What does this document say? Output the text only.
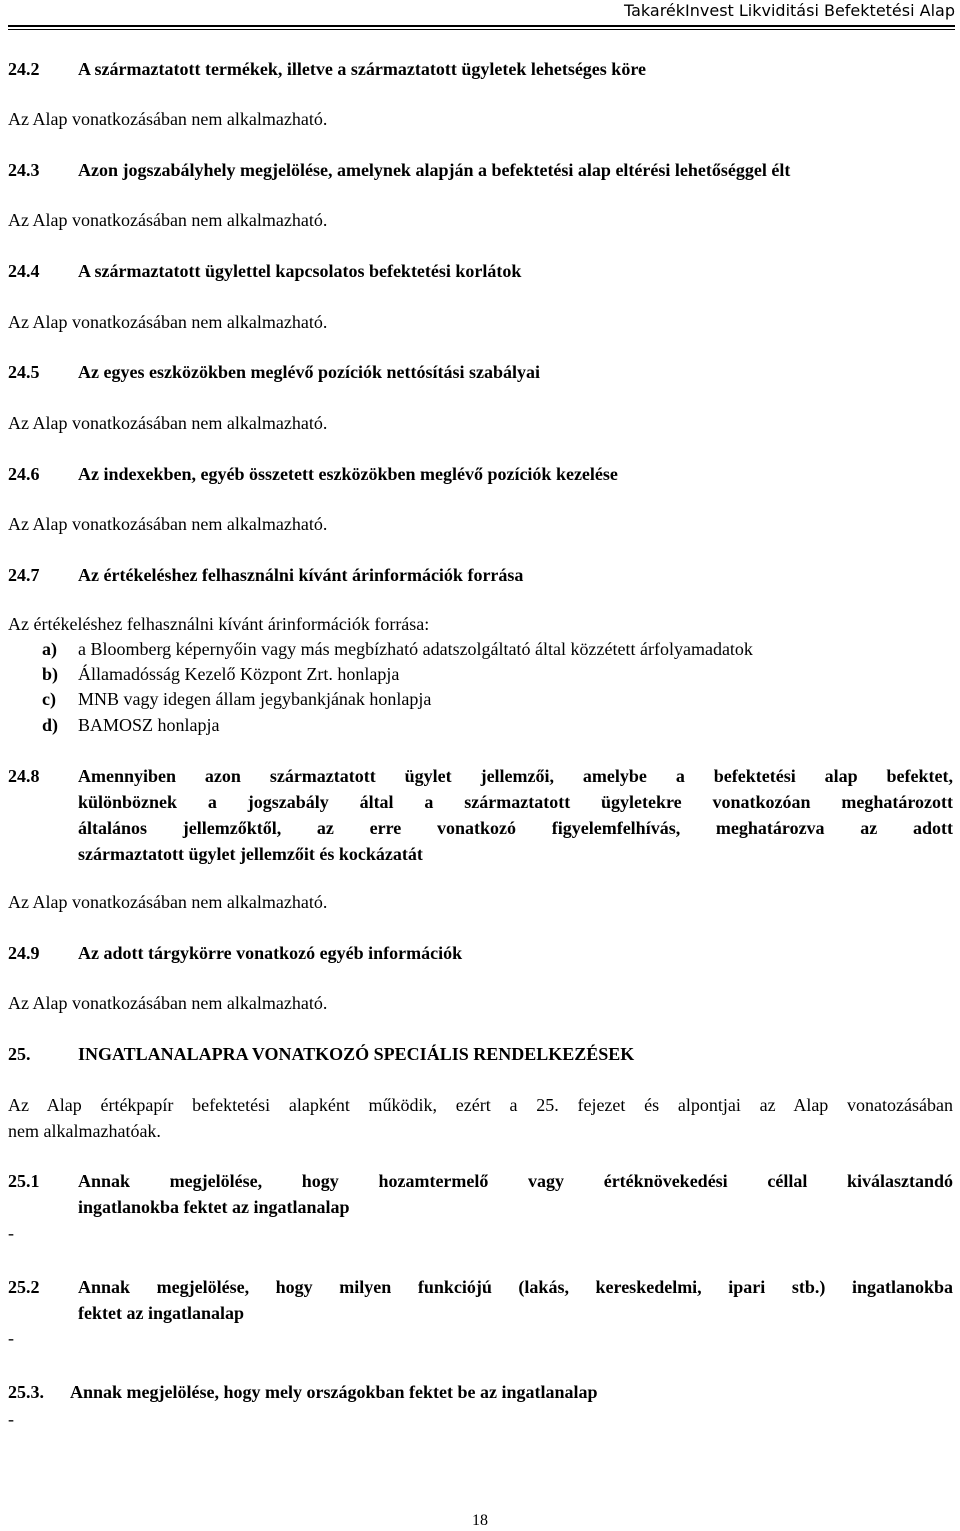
TakarékInvest Likviditási Befektetési Alap
24.2 A származtatott termékek, illetve a származtatott ügyletek lehetséges köre
Az Alap vonatkozásában nem alkalmazható.
24.3 Azon jogszabályhely megjelölése, amelynek alapján a befektetési alap eltérési lehetőséggel élt
Az Alap vonatkozásában nem alkalmazható.
24.4 A származtatott ügylettel kapcsolatos befektetési korlátok
Az Alap vonatkozásában nem alkalmazható.
24.5 Az egyes eszközökben meglévő pozíciók nettósítási szabályai
Az Alap vonatkozásában nem alkalmazható.
24.6 Az indexekben, egyéb összetett eszközökben meglévő pozíciók kezelése
Az Alap vonatkozásában nem alkalmazható.
24.7 Az értékeléshez felhasználni kívánt árinformációk forrása
Az értékeléshez felhasználni kívánt árinformációk forrása:
a) a Bloomberg képernyőin vagy más megbízható adatszolgáltató által közzétett árfolyamadatok
b) Államadósság Kezelő Központ Zrt. honlapja
c) MNB vagy idegen állam jegybankjának honlapja
d) BAMOSZ honlapja
24.8 Amennyiben azon származtatott ügylet jellemzői, amelybe a befektetési alap befektet,
különböznek a jogszabály által a származtatott ügyletekre vonatkozóan meghatározott
általános jellemzőktől, az erre vonatkozó figyelemfelhívás, meghatározva az adott
származtatott ügylet jellemzőit és kockázatát
Az Alap vonatkozásában nem alkalmazható.
24.9 Az adott tárgykörre vonatkozó egyéb információk
Az Alap vonatkozásában nem alkalmazható.
25.	INGATLANALAPRA VONATKOZÓ SPECIÁLIS RENDELKEZÉSEK
Az Alap értékpapír befektetési alapként működik, ezért a 25. fejezet és alpontjai az Alap vonatozásában
nem alkalmazhatóak.
25.1 Annak megjelölése, hogy hozamtermelő vagy értéknövekedési céllal kiválasztandó
ingatlanokba fektet az ingatlanalap
-
25.2 Annak megjelölése, hogy milyen funkciójú (lakás, kereskedelmi, ipari stb.) ingatlanokba
fektet az ingatlanalap
-
25.3. Annak megjelölése, hogy mely országokban fektet be az ingatlanalap
-
18
